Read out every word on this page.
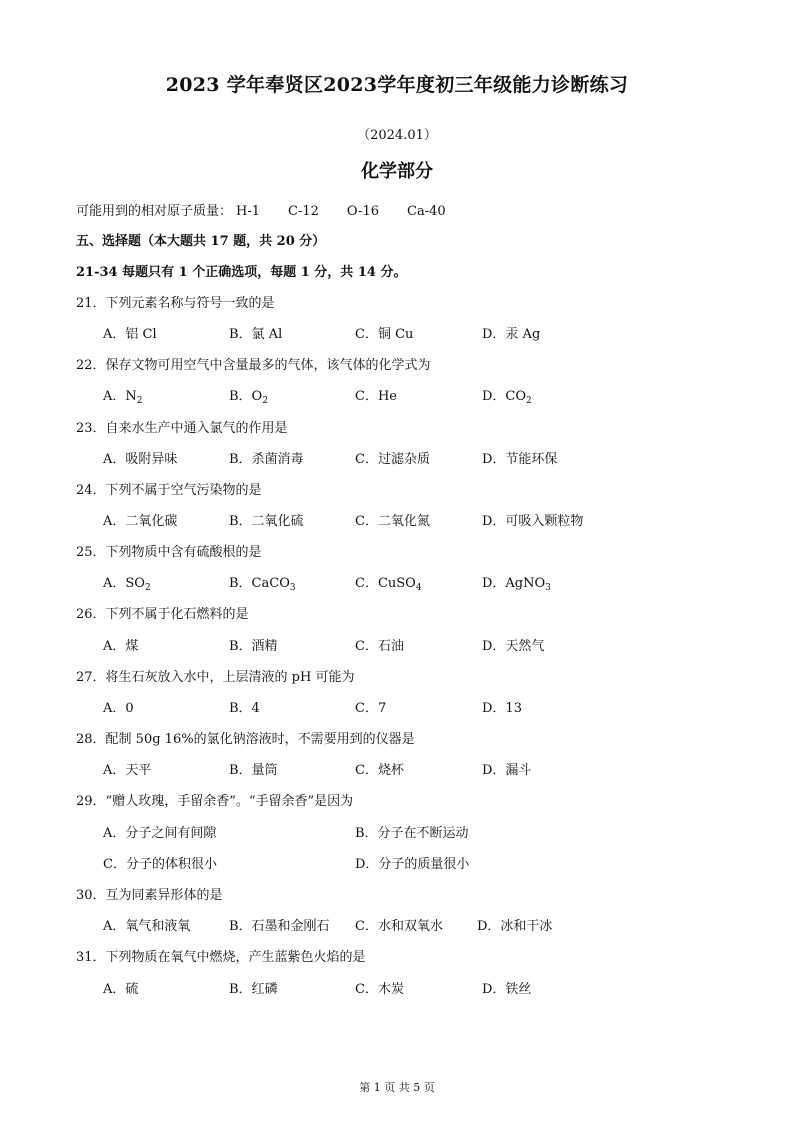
2023 学年奉贤区2023学年度初三年级能力诊断练习
（2024.01）
化学部分
可能用到的相对原子质量： H-1 C-12 O-16 Ca-40
五、选择题（本大题共 17 题，共 20 分）
21-34 每题只有 1 个正确选项，每题 1 分，共 14 分。
21．下列元素名称与符号一致的是
A．铝 Cl	B．氯 Al	C．铜 Cu	D．汞 Ag
22．保存文物可用空气中含量最多的气体，该气体的化学式为
A．$N_2$	B．$O_2$	C．He	D．$CO_2$
23．自来水生产中通入氯气的作用是
A．吸附异味	B．杀菌消毒	C．过滤杂质	D．节能环保
24．下列不属于空气污染物的是
A．二氧化碳	B．二氧化硫	C．二氧化氮	D．可吸入颗粒物
25．下列物质中含有硫酸根的是
A．$SO_2$	B．CaCO$_3$	C．CuSO$_4$	D．AgNO$_3$
26．下列不属于化石燃料的是
A．煤	B．酒精	C．石油	D．天然气
27．将生石灰放入水中，上层清液的 pH 可能为
A．0	B．4	C．7	D．13
28．配制 50g 16%的氯化钠溶液时，不需要用到的仪器是
A．天平	B．量筒	C．烧杯	D．漏斗
29．“赠人玫瑰，手留余香”。“手留余香”是因为
A．分子之间有间隙	B．分子在不断运动
C．分子的体积很小	D．分子的质量很小
30．互为同素异形体的是
A．氧气和液氧	B．石墨和金刚石 C．水和双氧水	D．冰和干冰
31．下列物质在氧气中燃烧，产生蓝紫色火焰的是
A．硫	B．红磷	C．木炭	D．铁丝
第 1 页 共 5 页
